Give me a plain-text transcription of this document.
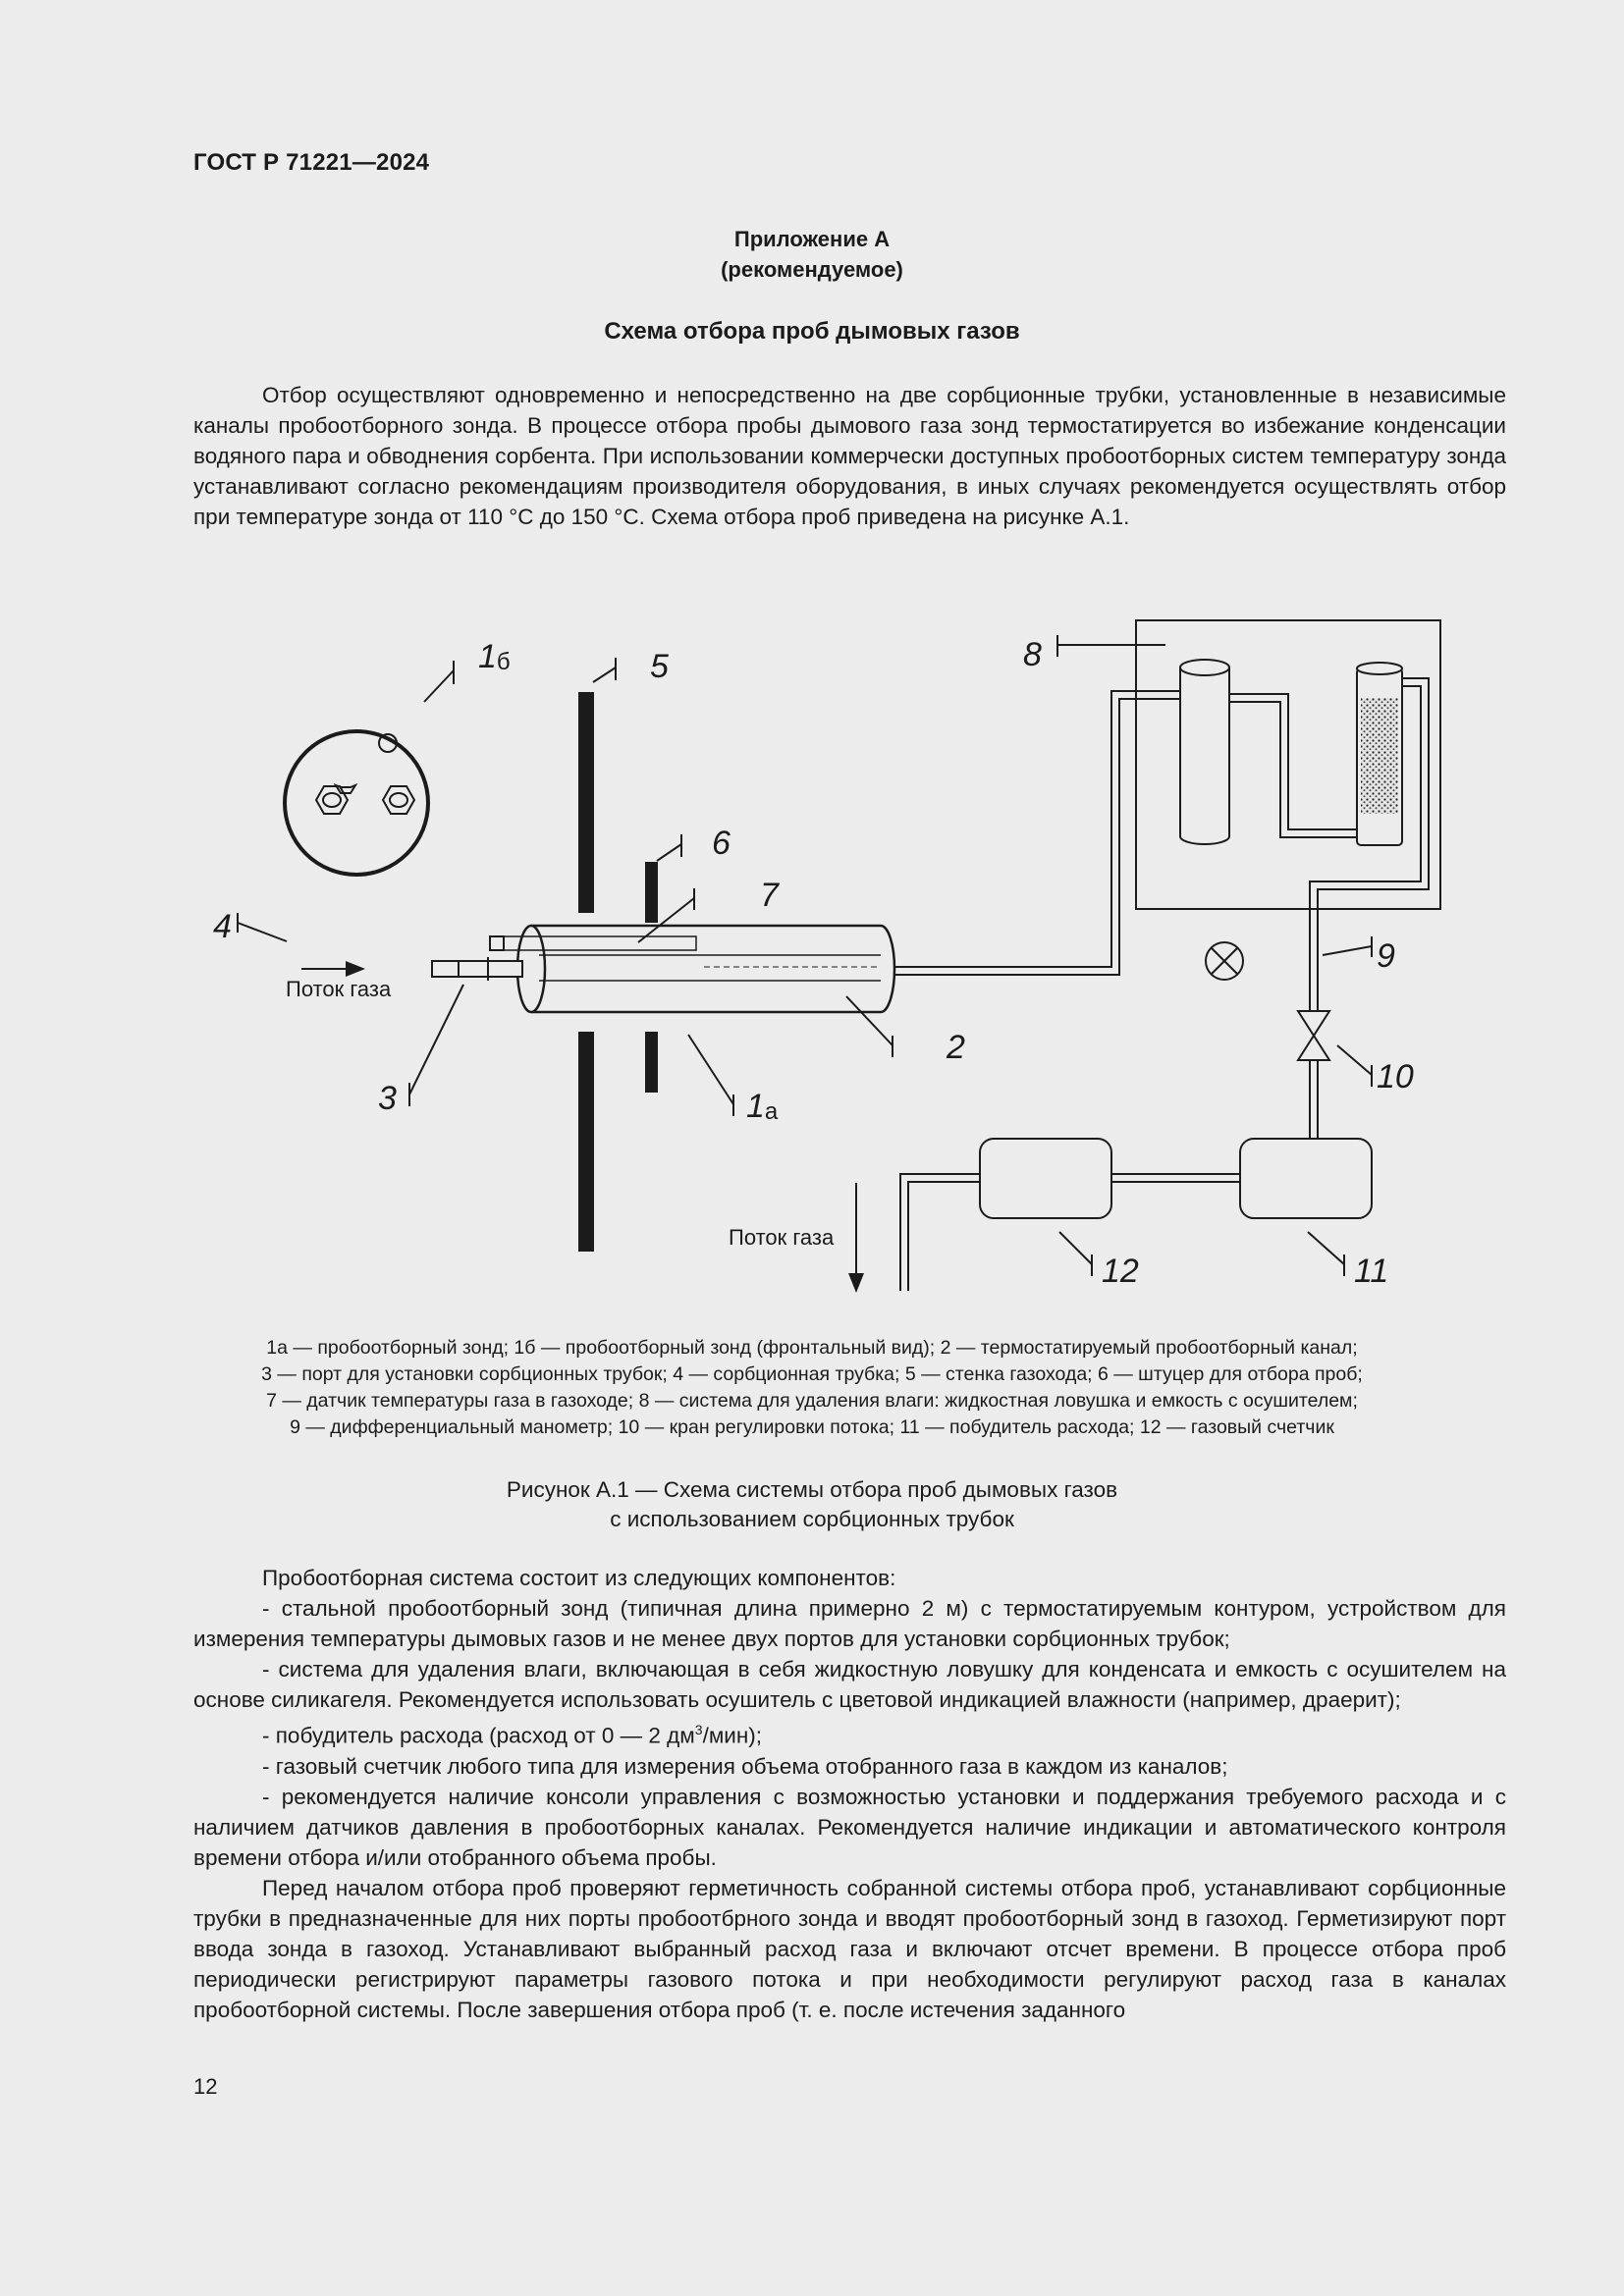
ГОСТ Р 71221—2024
Приложение А
(рекомендуемое)
Схема отбора проб дымовых газов

Отбор осуществляют одновременно и непосредственно на две сорбционные трубки, установленные в независимые каналы пробоотборного зонда. В процессе отбора пробы дымового газа зонд термостатируется во избежание конденсации водяного пара и обводнения сорбента. При использовании коммерчески доступных пробоотборных систем температуру зонда устанавливают согласно рекомендациям производителя оборудования, в иных случаях рекомендуется осуществлять отбор при температуре зонда от 110 °С до 150 °С. Схема отбора проб приведена на рисунке А.1.

$1_б$	5	8
6
4
7
9
2
10
3	$1_а$
12	11
Поток газа
Поток газа
1а — пробоотборный зонд; 1б — пробоотборный зонд (фронтальный вид); 2 — термостатируемый пробоотборный канал;
3 — порт для установки сорбционных трубок; 4 — сорбционная трубка; 5 — стенка газохода; 6 — штуцер для отбора проб;
7 — датчик температуры газа в газоходе; 8 — система для удаления влаги: жидкостная ловушка и емкость с осушителем;
9 — дифференциальный манометр; 10 — кран регулировки потока; 11 — побудитель расхода; 12 — газовый счетчик
Рисунок А.1 — Схема системы отбора проб дымовых газов
с использованием сорбционных трубок

Пробоотборная система состоит из следующих компонентов:

- стальной пробоотборный зонд (типичная длина примерно 2 м) с термостатируемым контуром, устройством для измерения температуры дымовых газов и не менее двух портов для установки сорбционных трубок;

- система для удаления влаги, включающая в себя жидкостную ловушку для конденсата и емкость с осушителем на основе силикагеля. Рекомендуется использовать осушитель с цветовой индикацией влажности (например, драерит);

- побудитель расхода (расход от 0 — 2 $дм^3/мин$);

- газовый счетчик любого типа для измерения объема отобранного газа в каждом из каналов;

- рекомендуется наличие консоли управления с возможностью установки и поддержания требуемого расхода и с наличием датчиков давления в пробоотборных каналах. Рекомендуется наличие индикации и автоматического контроля времени отбора и/или отобранного объема пробы.

Перед началом отбора проб проверяют герметичность собранной системы отбора проб, устанавливают сорбционные трубки в предназначенные для них порты пробоотбрного зонда и вводят пробоотборный зонд в газоход. Герметизируют порт ввода зонда в газоход. Устанавливают выбранный расход газа и включают отсчет времени. В процессе отбора проб периодически регистрируют параметры газового потока и при необходимости регулируют расход газа в каналах пробоотборной системы. После завершения отбора проб (т. е. после истечения заданного

12
